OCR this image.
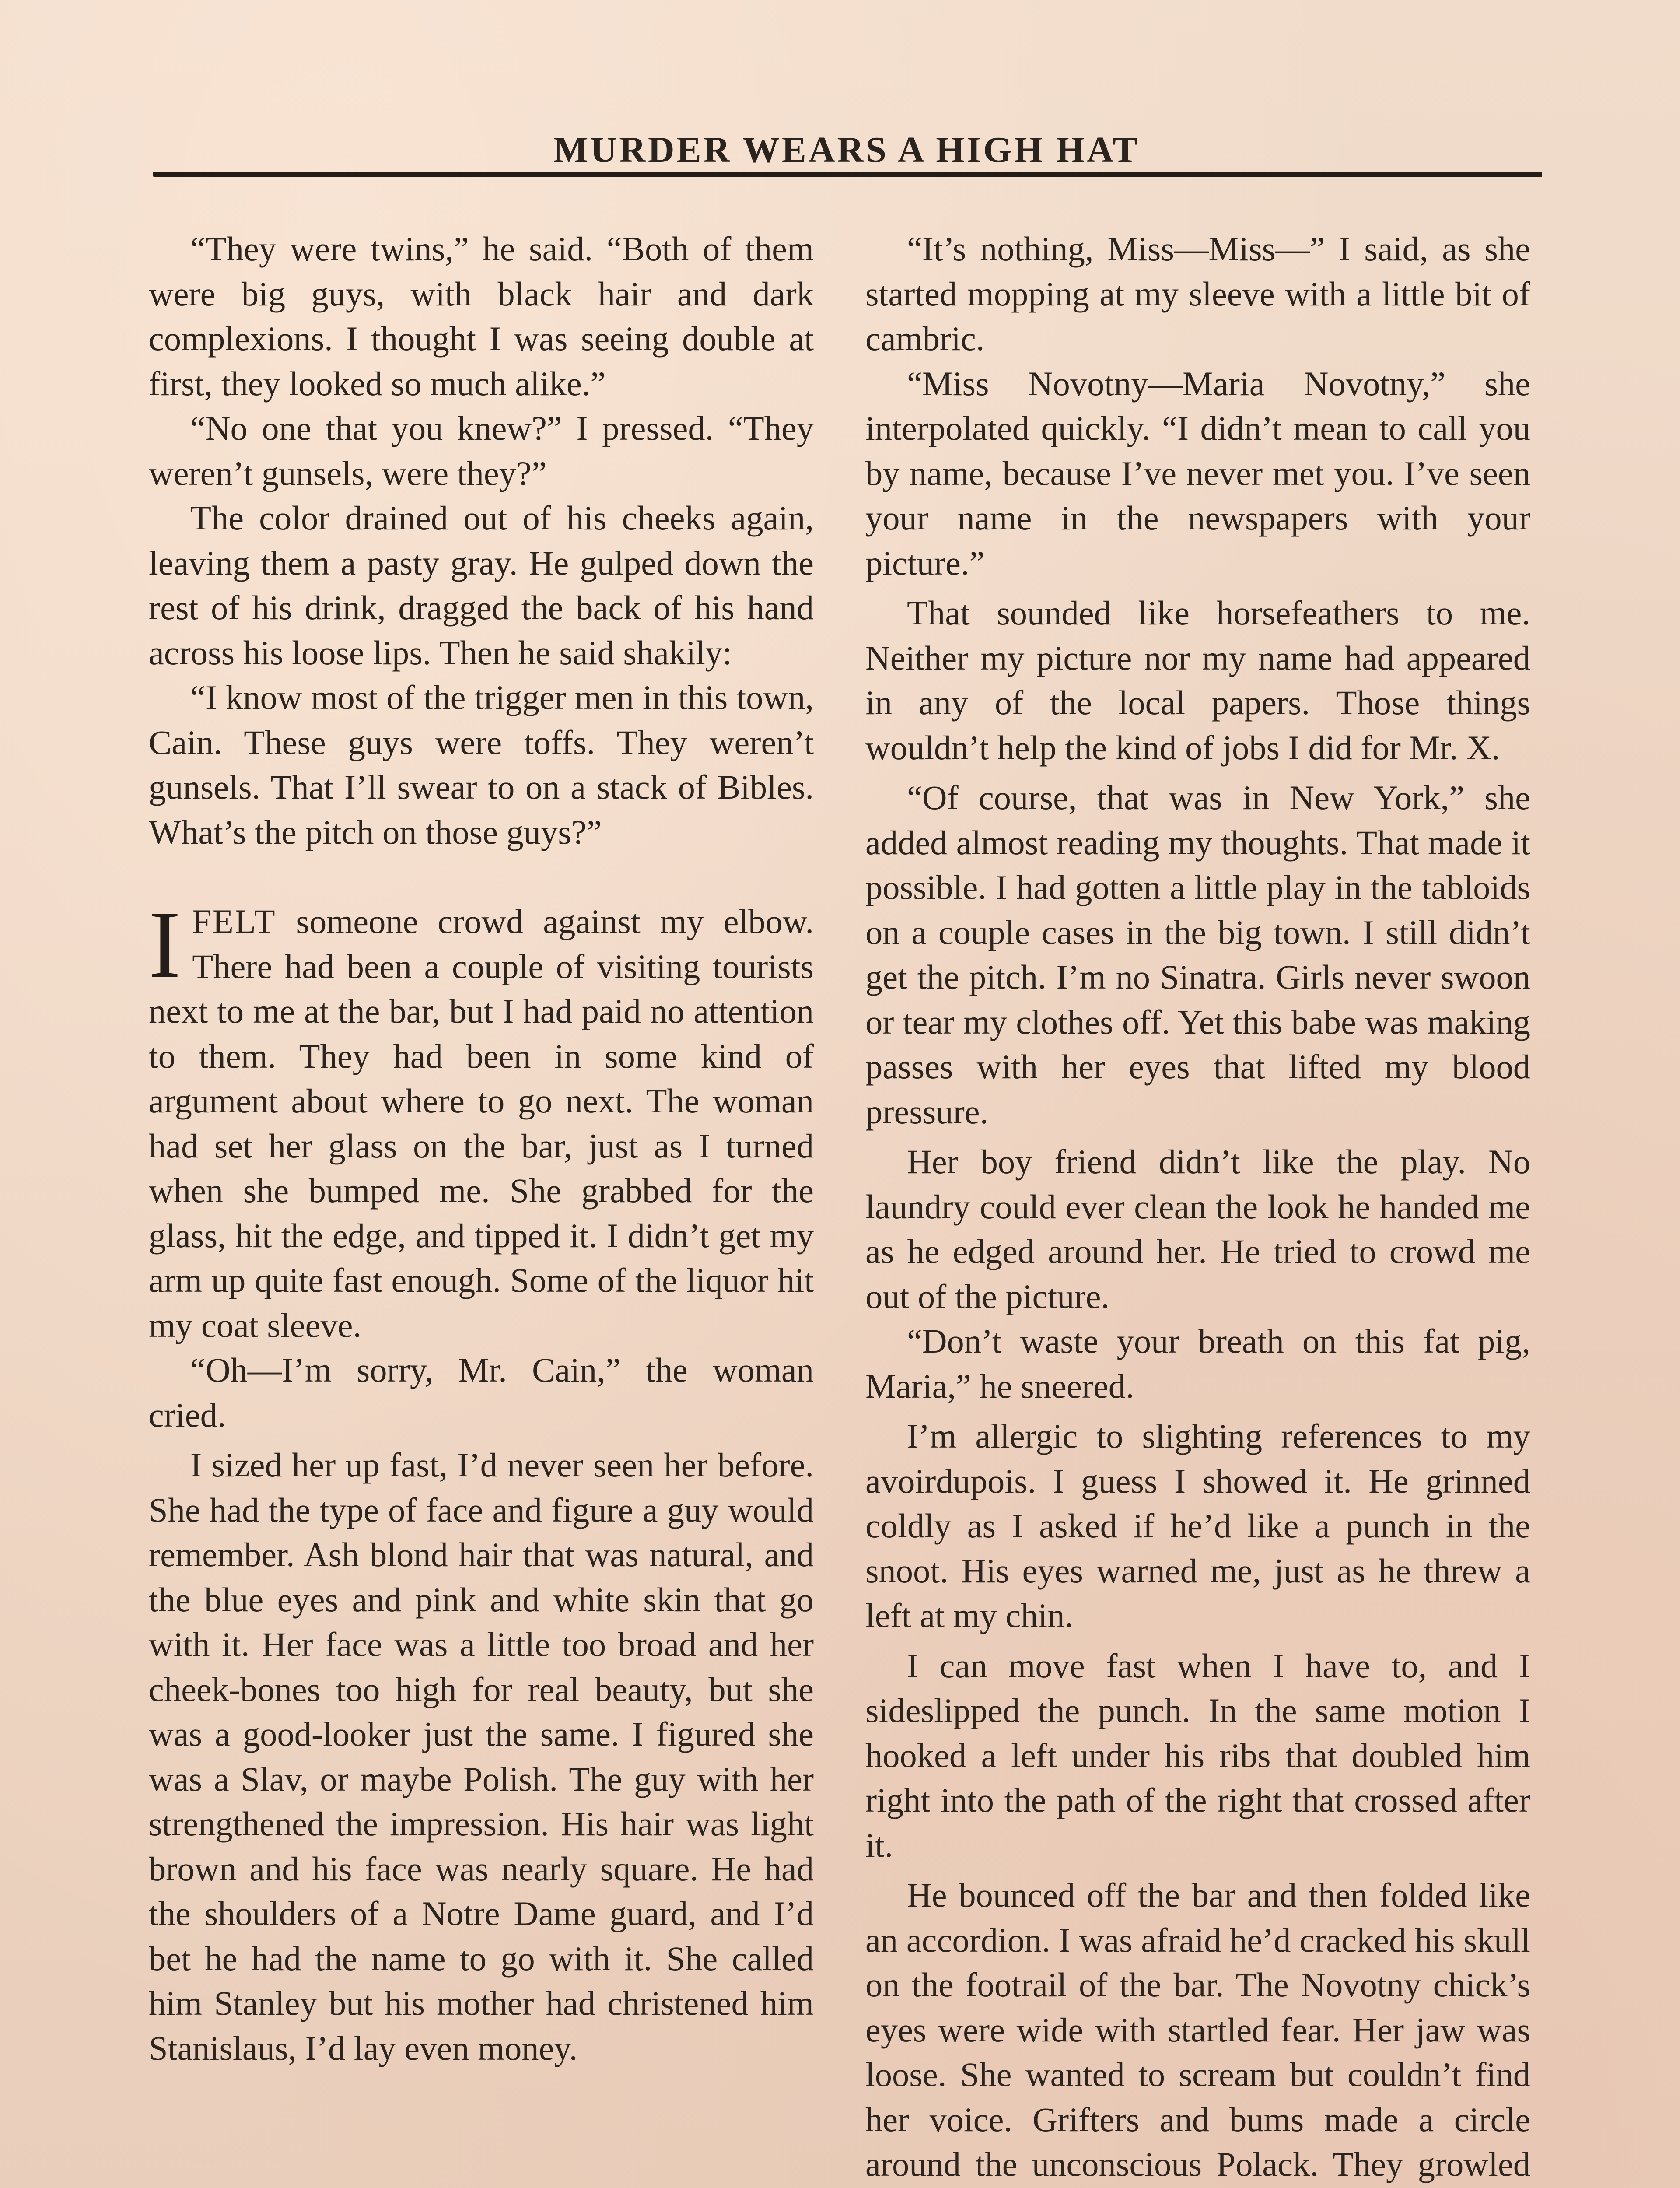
MURDER WEARS A HIGH HAT

“They were twins,” he said. “Both of them were big guys, with black hair and dark complexions. I thought I was seeing double at first, they looked so much alike.”

“No one that you knew?” I pressed. “They weren’t gunsels, were they?”

The color drained out of his cheeks again, leaving them a pasty gray. He gulped down the rest of his drink, dragged the back of his hand across his loose lips. Then he said shakily:

“I know most of the trigger men in this town, Cain. These guys were toffs. They weren’t gunsels. That I’ll swear to on a stack of Bibles. What’s the pitch on those guys?”

IFELT someone crowd against my elbow. There had been a couple of visiting tourists next to me at the bar, but I had paid no attention to them. They had been in some kind of argument about where to go next. The woman had set her glass on the bar, just as I turned when she bumped me. She grabbed for the glass, hit the edge, and tipped it. I didn’t get my arm up quite fast enough. Some of the liquor hit my coat sleeve.

“Oh—I’m sorry, Mr. Cain,” the woman cried.

I sized her up fast, I’d never seen her before. She had the type of face and figure a guy would remember. Ash blond hair that was natural, and the blue eyes and pink and white skin that go with it. Her face was a little too broad and her cheek-bones too high for real beauty, but she was a good-looker just the same. I figured she was a Slav, or maybe Polish. The guy with her strengthened the impression. His hair was light brown and his face was nearly square. He had the shoulders of a Notre Dame guard, and I’d bet he had the name to go with it. She called him Stanley but his mother had christened him Stanislaus, I’d lay even money.

“It’s nothing, Miss—Miss—” I said, as she started mopping at my sleeve with a little bit of cambric.

“Miss Novotny—Maria Novotny,” she interpolated quickly. “I didn’t mean to call you by name, because I’ve never met you. I’ve seen your name in the newspapers with your picture.”

That sounded like horsefeathers to me. Neither my picture nor my name had appeared in any of the local papers. Those things wouldn’t help the kind of jobs I did for Mr. X.

“Of course, that was in New York,” she added almost reading my thoughts. That made it possible. I had gotten a little play in the tabloids on a couple cases in the big town. I still didn’t get the pitch. I’m no Sinatra. Girls never swoon or tear my clothes off. Yet this babe was making passes with her eyes that lifted my blood pressure.

Her boy friend didn’t like the play. No laundry could ever clean the look he handed me as he edged around her. He tried to crowd me out of the picture.

“Don’t waste your breath on this fat pig, Maria,” he sneered.

I’m allergic to slighting references to my avoirdupois. I guess I showed it. He grinned coldly as I asked if he’d like a punch in the snoot. His eyes warned me, just as he threw a left at my chin.

I can move fast when I have to, and I sideslipped the punch. In the same motion I hooked a left under his ribs that doubled him right into the path of the right that crossed after it.

He bounced off the bar and then folded like an accordion. I was afraid he’d cracked his skull on the footrail of the bar. The Novotny chick’s eyes were wide with startled fear. Her jaw was loose. She wanted to scream but couldn’t find her voice. Grifters and bums made a circle around the unconscious Polack. They growled
